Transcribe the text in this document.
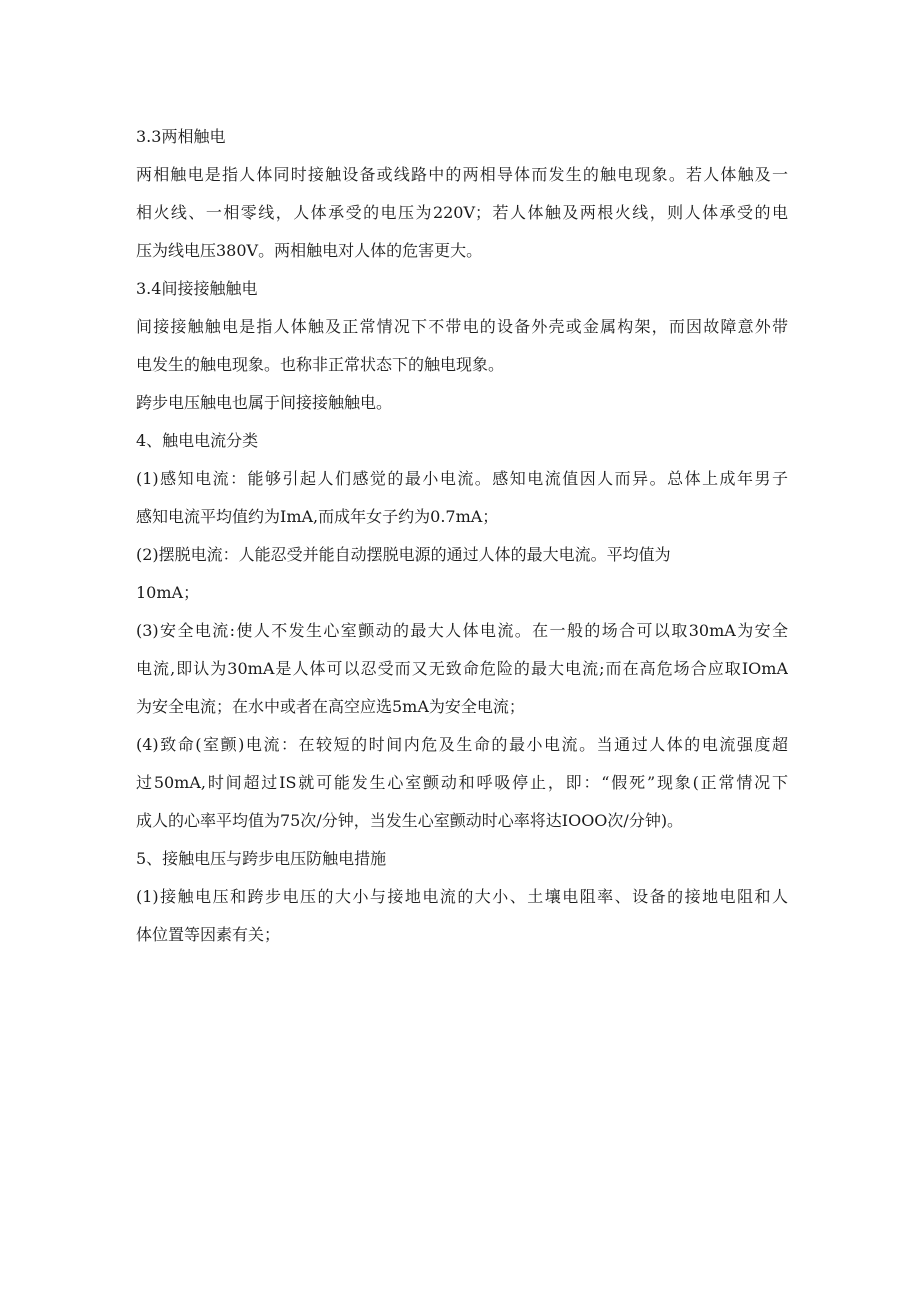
3.3两相触电
两相触电是指人体同时接触设备或线路中的两相导体而发生的触电现象。若人体触及一
相火线、一相零线，人体承受的电压为220V；若人体触及两根火线，则人体承受的电
压为线电压380V。两相触电对人体的危害更大。
3.4间接接触触电
间接接触触电是指人体触及正常情况下不带电的设备外壳或金属构架，而因故障意外带
电发生的触电现象。也称非正常状态下的触电现象。
跨步电压触电也属于间接接触触电。
4、触电电流分类
(1)感知电流：能够引起人们感觉的最小电流。感知电流值因人而异。总体上成年男子
感知电流平均值约为ImA,而成年女子约为0.7mA；
(2)摆脱电流：人能忍受并能自动摆脱电源的通过人体的最大电流。平均值为
10mA；
(3)安全电流:使人不发生心室颤动的最大人体电流。在一般的场合可以取30mA为安全
电流,即认为30mA是人体可以忍受而又无致命危险的最大电流;而在高危场合应取IOmA
为安全电流；在水中或者在高空应选5mA为安全电流；
(4)致命(室颤)电流：在较短的时间内危及生命的最小电流。当通过人体的电流强度超
过50mA,时间超过IS就可能发生心室颤动和呼吸停止，即：“假死”现象(正常情况下
成人的心率平均值为75次/分钟，当发生心室颤动时心率将达IOOO次/分钟)。
5、接触电压与跨步电压防触电措施
(1)接触电压和跨步电压的大小与接地电流的大小、土壤电阻率、设备的接地电阻和人
体位置等因素有关；
